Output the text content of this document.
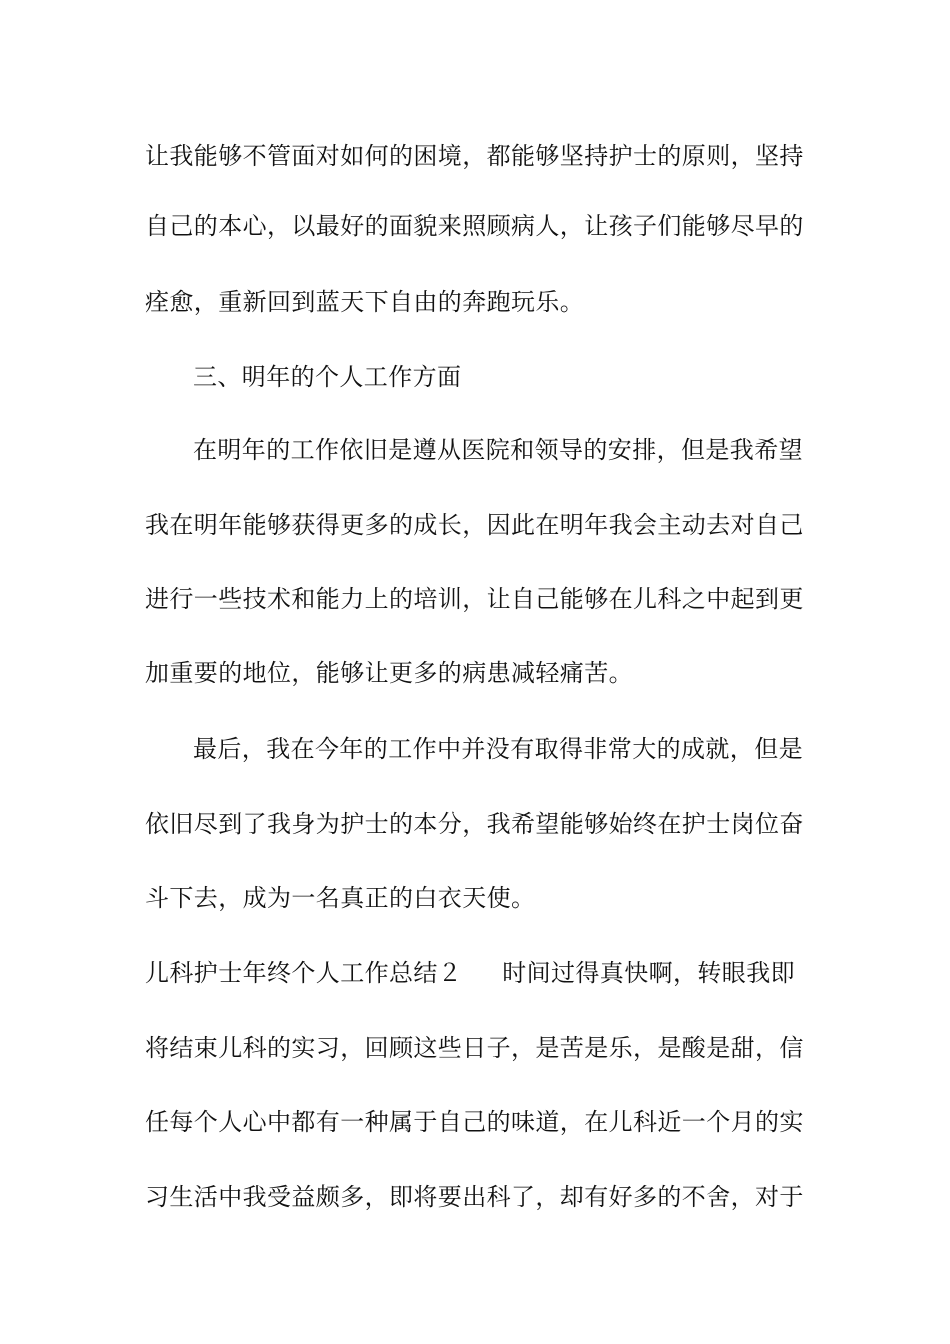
让我能够不管面对如何的困境，都能够坚持护士的原则，坚持
自己的本心，以最好的面貌来照顾病人，让孩子们能够尽早的
痊愈，重新回到蓝天下自由的奔跑玩乐。
三、明年的个人工作方面
在明年的工作依旧是遵从医院和领导的安排，但是我希望
我在明年能够获得更多的成长，因此在明年我会主动去对自己
进行一些技术和能力上的培训，让自己能够在儿科之中起到更
加重要的地位，能够让更多的病患减轻痛苦。
最后，我在今年的工作中并没有取得非常大的成就，但是
依旧尽到了我身为护士的本分，我希望能够始终在护士岗位奋
斗下去，成为一名真正的白衣天使。
儿科护士年终个人工作总结２ 时间过得真快啊，转眼我即
将结束儿科的实习，回顾这些日子，是苦是乐，是酸是甜，信
任每个人心中都有一种属于自己的味道，在儿科近一个月的实
习生活中我受益颇多，即将要出科了，却有好多的不舍，对于
